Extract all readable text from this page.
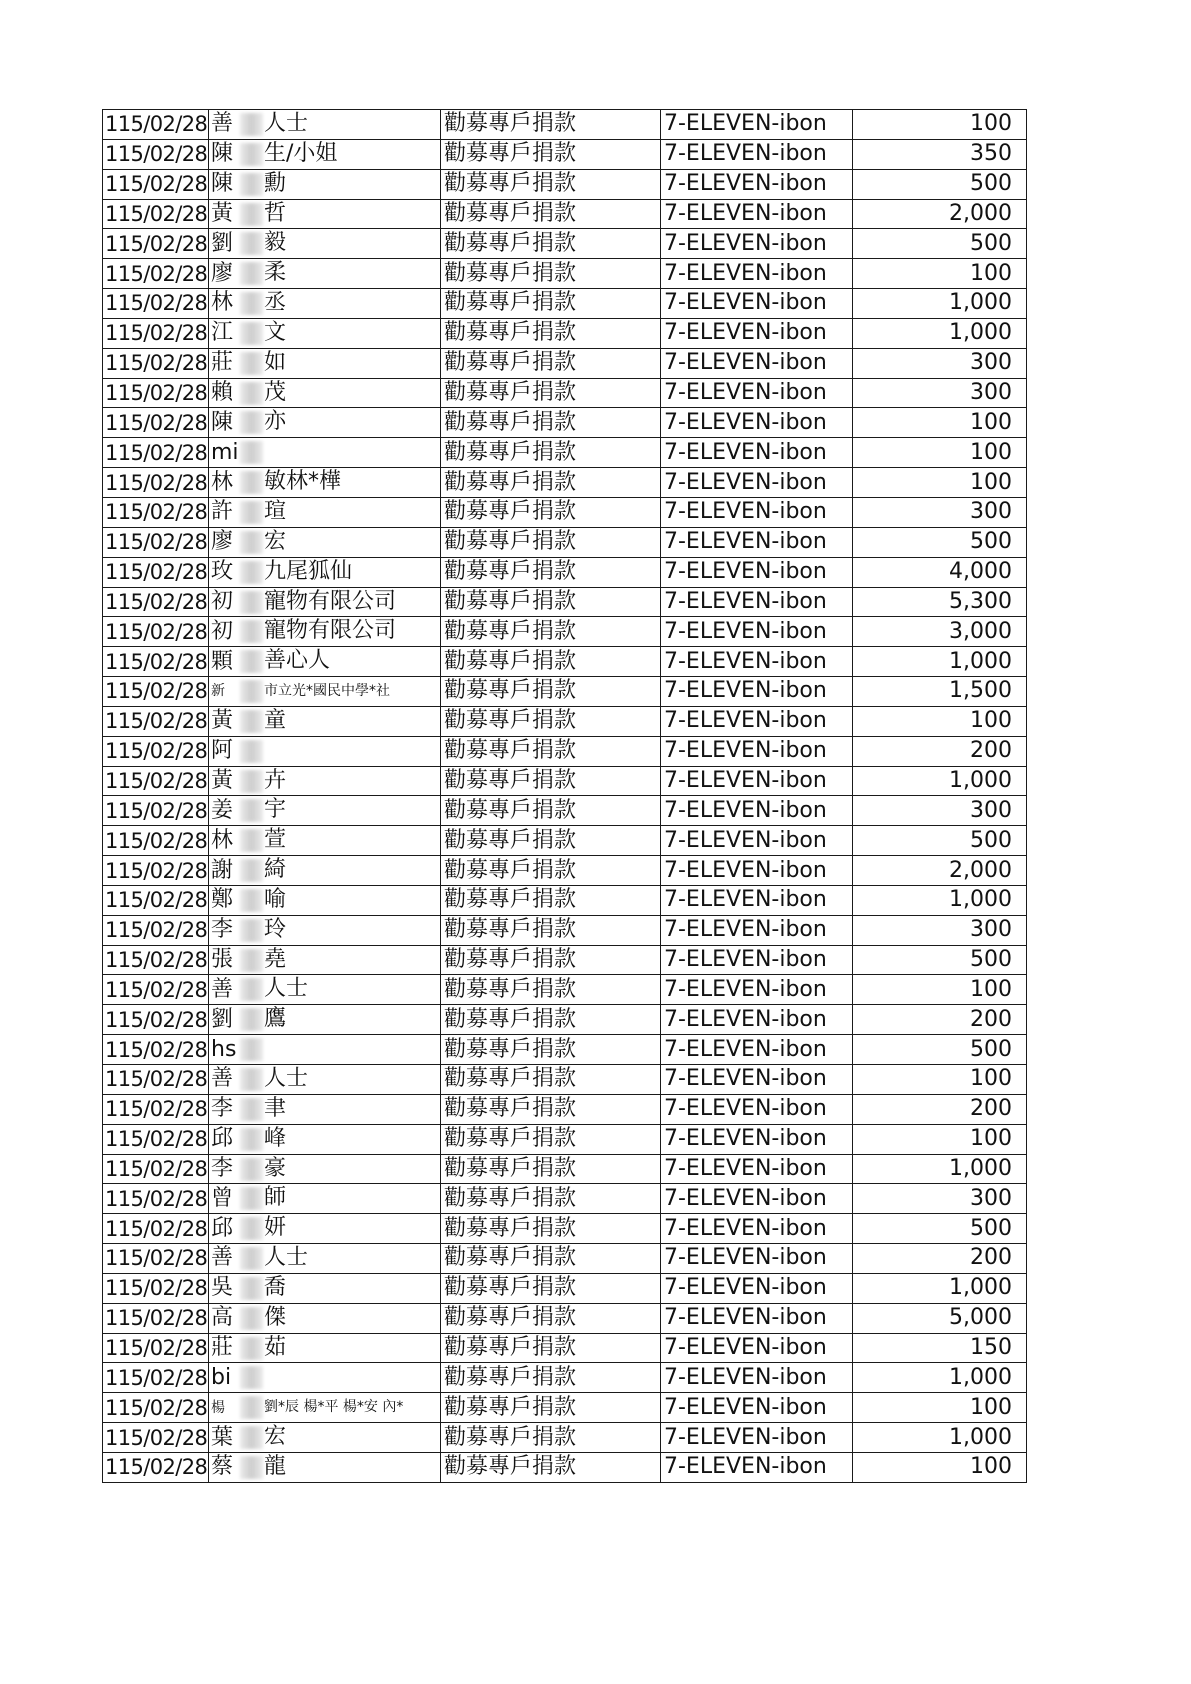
115/02/28	善 人士	勸募專戶捐款	7-ELEVEN-ibon	100
115/02/28	陳 生/小姐	勸募專戶捐款	7-ELEVEN-ibon	350
115/02/28	陳 勳	勸募專戶捐款	7-ELEVEN-ibon	500
115/02/28	黃 哲	勸募專戶捐款	7-ELEVEN-ibon	2,000
115/02/28	劉 毅	勸募專戶捐款	7-ELEVEN-ibon	500
115/02/28	廖 柔	勸募專戶捐款	7-ELEVEN-ibon	100
115/02/28	林 丞	勸募專戶捐款	7-ELEVEN-ibon	1,000
115/02/28	江 文	勸募專戶捐款	7-ELEVEN-ibon	1,000
115/02/28	莊 如	勸募專戶捐款	7-ELEVEN-ibon	300
115/02/28	賴 茂	勸募專戶捐款	7-ELEVEN-ibon	300
115/02/28	陳 亦	勸募專戶捐款	7-ELEVEN-ibon	100
115/02/28	mi	勸募專戶捐款	7-ELEVEN-ibon	100
115/02/28	林 敏林*樺	勸募專戶捐款	7-ELEVEN-ibon	100
115/02/28	許 瑄	勸募專戶捐款	7-ELEVEN-ibon	300
115/02/28	廖 宏	勸募專戶捐款	7-ELEVEN-ibon	500
115/02/28	玫 九尾狐仙	勸募專戶捐款	7-ELEVEN-ibon	4,000
115/02/28	初 寵物有限公司	勸募專戶捐款	7-ELEVEN-ibon	5,300
115/02/28	初 寵物有限公司	勸募專戶捐款	7-ELEVEN-ibon	3,000
115/02/28	顆 善心人	勸募專戶捐款	7-ELEVEN-ibon	1,000
115/02/28	新 市立光*國民中學*社	勸募專戶捐款	7-ELEVEN-ibon	1,500
115/02/28	黃 童	勸募專戶捐款	7-ELEVEN-ibon	100
115/02/28	阿	勸募專戶捐款	7-ELEVEN-ibon	200
115/02/28	黃 卉	勸募專戶捐款	7-ELEVEN-ibon	1,000
115/02/28	姜 宇	勸募專戶捐款	7-ELEVEN-ibon	300
115/02/28	林 萱	勸募專戶捐款	7-ELEVEN-ibon	500
115/02/28	謝 綺	勸募專戶捐款	7-ELEVEN-ibon	2,000
115/02/28	鄭 喻	勸募專戶捐款	7-ELEVEN-ibon	1,000
115/02/28	李 玲	勸募專戶捐款	7-ELEVEN-ibon	300
115/02/28	張 堯	勸募專戶捐款	7-ELEVEN-ibon	500
115/02/28	善 人士	勸募專戶捐款	7-ELEVEN-ibon	100
115/02/28	劉 鷹	勸募專戶捐款	7-ELEVEN-ibon	200
115/02/28	hs	勸募專戶捐款	7-ELEVEN-ibon	500
115/02/28	善 人士	勸募專戶捐款	7-ELEVEN-ibon	100
115/02/28	李 聿	勸募專戶捐款	7-ELEVEN-ibon	200
115/02/28	邱 峰	勸募專戶捐款	7-ELEVEN-ibon	100
115/02/28	李 豪	勸募專戶捐款	7-ELEVEN-ibon	1,000
115/02/28	曾 師	勸募專戶捐款	7-ELEVEN-ibon	300
115/02/28	邱 妍	勸募專戶捐款	7-ELEVEN-ibon	500
115/02/28	善 人士	勸募專戶捐款	7-ELEVEN-ibon	200
115/02/28	吳 喬	勸募專戶捐款	7-ELEVEN-ibon	1,000
115/02/28	高 傑	勸募專戶捐款	7-ELEVEN-ibon	5,000
115/02/28	莊 茹	勸募專戶捐款	7-ELEVEN-ibon	150
115/02/28	bi	勸募專戶捐款	7-ELEVEN-ibon	1,000
115/02/28	楊 劉*辰 楊*平 楊*安 內*	勸募專戶捐款	7-ELEVEN-ibon	100
115/02/28	葉 宏	勸募專戶捐款	7-ELEVEN-ibon	1,000
115/02/28	蔡 龍	勸募專戶捐款	7-ELEVEN-ibon	100
